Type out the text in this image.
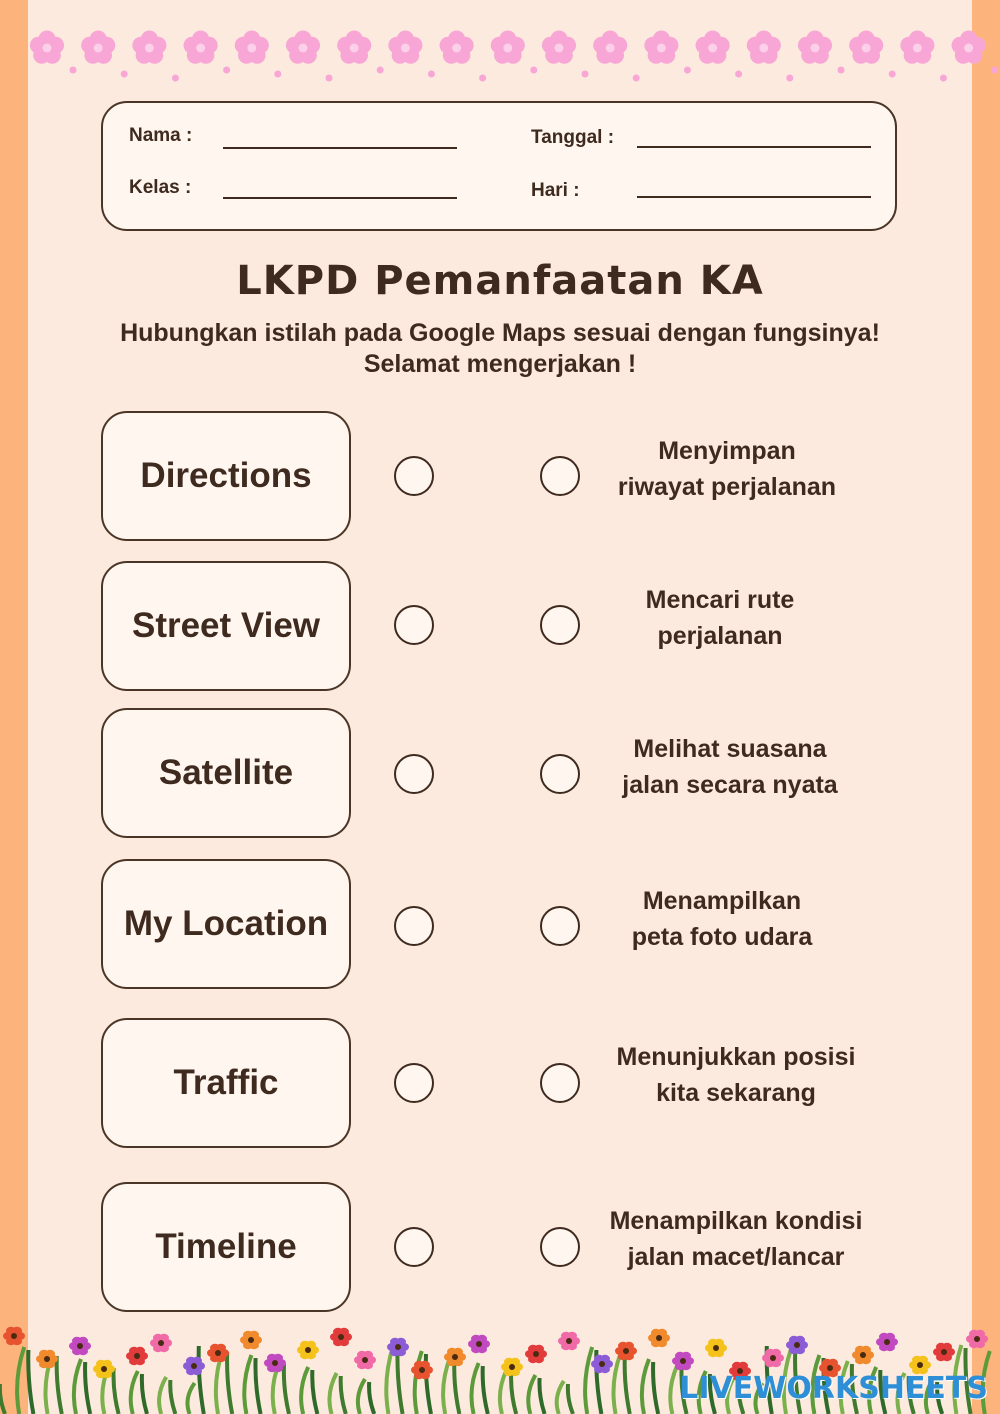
Nama :
Kelas :
Tanggal :
Hari :
LKPD Pemanfaatan KA
Hubungkan istilah pada Google Maps sesuai dengan fungsinya!
Selamat mengerjakan !
Directions
Menyimpan
riwayat perjalanan
Street View
Mencari rute
perjalanan
Satellite
Melihat suasana
jalan secara nyata
My Location
Menampilkan
peta foto udara
Traffic
Menunjukkan posisi
kita sekarang
Timeline
Menampilkan kondisi
jalan macet/lancar
LIVEWORKSHEETS
